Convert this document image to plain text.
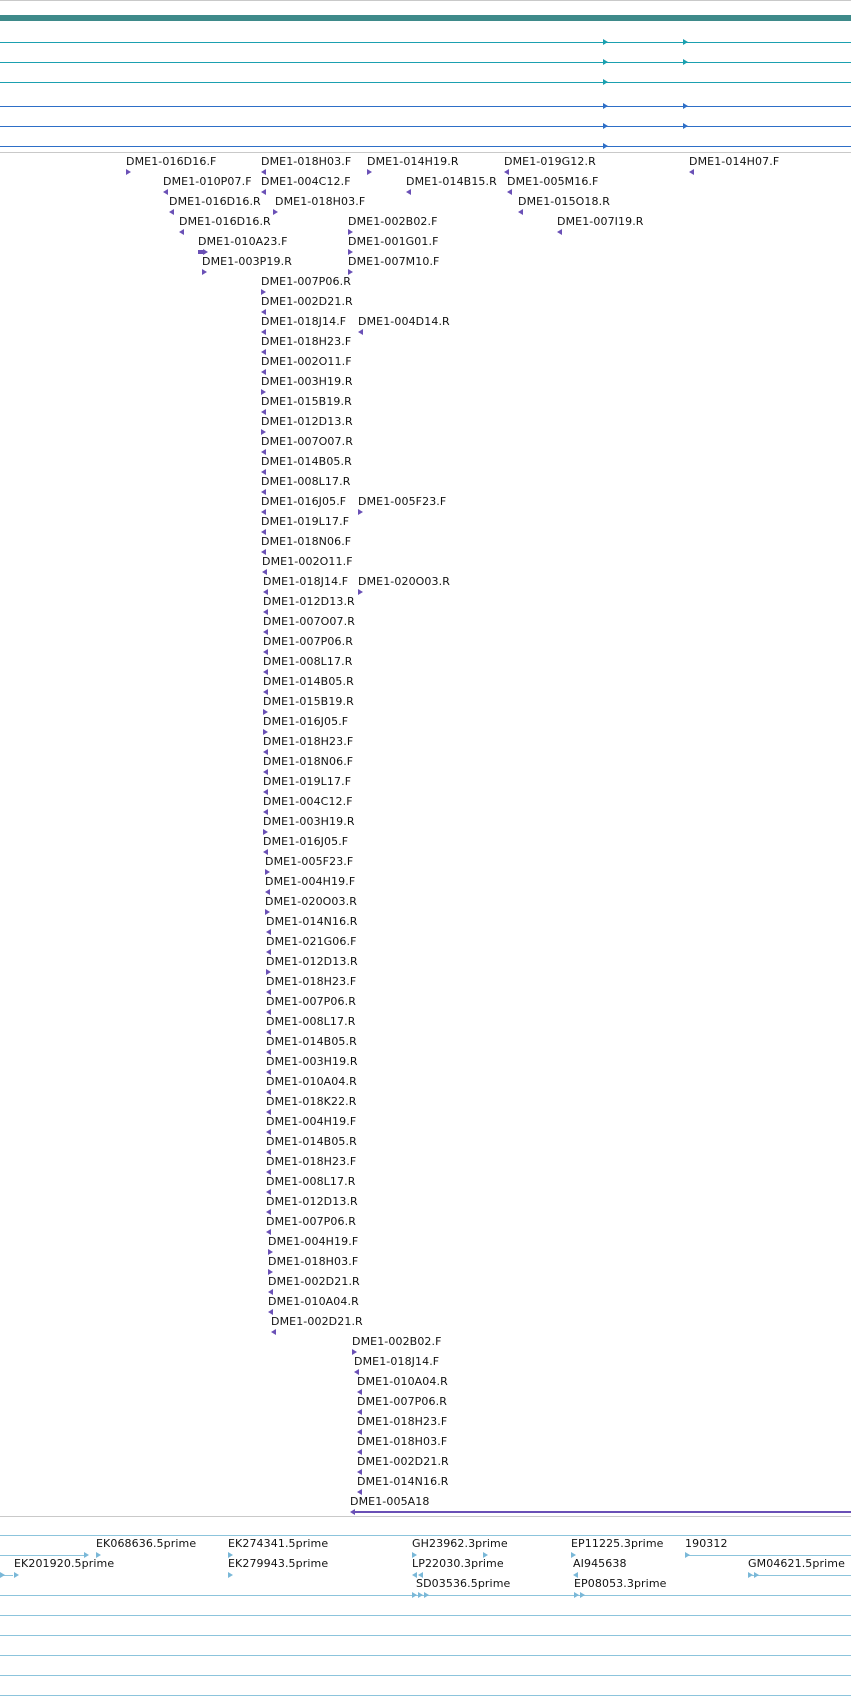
DME1-016D16.F	DME1-018H03.F DME1-014H19.R	DME1-019G12.R	DME1-014H07.F
DME1-010P07.F DME1-004C12.F	DME1-014B15.R DME1-005M16.F
DME1-016D16.R DME1-018H03.F	DME1-015O18.R
DME1-016D16.R	DME1-002B02.F	DME1-007I19.R
DME1-010A23.F	DME1-001G01.F
DME1-003P19.R	DME1-007M10.F
DME1-007P06.R
DME1-002D21.R
DME1-018J14.F DME1-004D14.R
DME1-018H23.F
DME1-002O11.F
DME1-003H19.R
DME1-015B19.R
DME1-012D13.R
DME1-007O07.R
DME1-014B05.R
DME1-008L17.R
DME1-016J05.F DME1-005F23.F
DME1-019L17.F
DME1-018N06.F
DME1-002O11.F
DME1-018J14.F DME1-020O03.R
DME1-012D13.R
DME1-007O07.R
DME1-007P06.R
DME1-008L17.R
DME1-014B05.R
DME1-015B19.R
DME1-016J05.F
DME1-018H23.F
DME1-018N06.F
DME1-019L17.F
DME1-004C12.F
DME1-003H19.R
DME1-016J05.F
DME1-005F23.F
DME1-004H19.F
DME1-020O03.R
DME1-014N16.R
DME1-021G06.F
DME1-012D13.R
DME1-018H23.F
DME1-007P06.R
DME1-008L17.R
DME1-014B05.R
DME1-003H19.R
DME1-010A04.R
DME1-018K22.R
DME1-004H19.F
DME1-014B05.R
DME1-018H23.F
DME1-008L17.R
DME1-012D13.R
DME1-007P06.R
DME1-004H19.F
DME1-018H03.F
DME1-002D21.R
DME1-010A04.R
DME1-002D21.R
DME1-002B02.F
DME1-018J14.F
DME1-010A04.R
DME1-007P06.R
DME1-018H23.F
DME1-018H03.F
DME1-002D21.R
DME1-014N16.R
DME1-005A18
EK068636.5prime	EK274341.5prime	GH23962.3prime	EP11225.3prime 190312
EK201920.5prime	EK279943.5prime	LP22030.3prime	AI945638	GM04621.5prime
SD03536.5prime	EP08053.3prime
